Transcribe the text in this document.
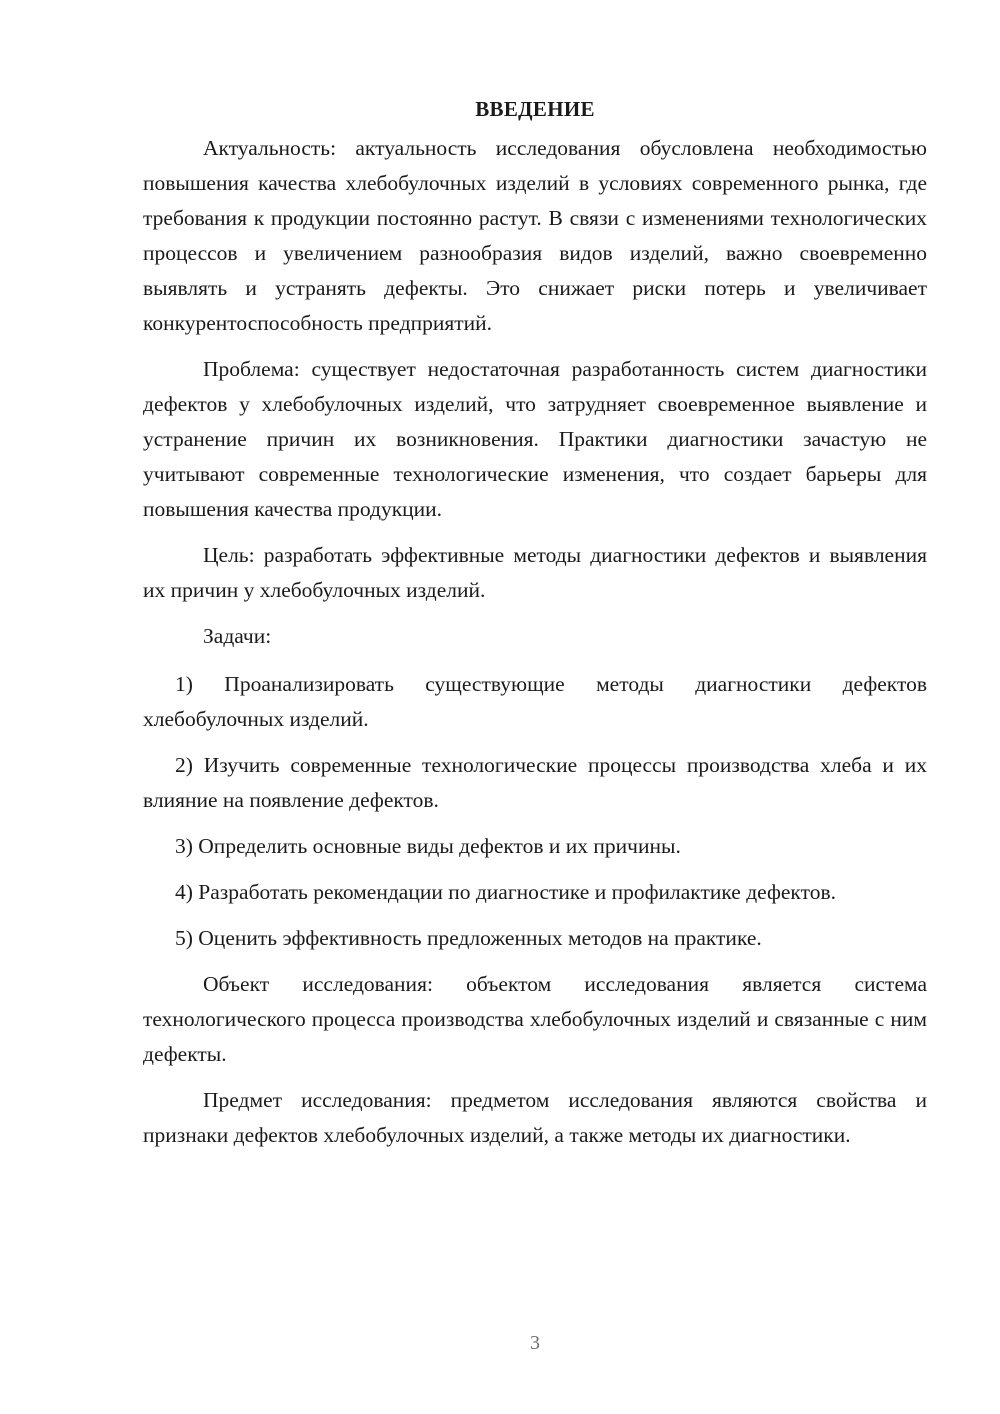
ВВЕДЕНИЕ

Актуальность: актуальность исследования обусловлена необходимостью повышения качества хлебобулочных изделий в условиях современного рынка, где требования к продукции постоянно растут. В связи с изменениями технологических процессов и увеличением разнообразия видов изделий, важно своевременно выявлять и устранять дефекты. Это снижает риски потерь и увеличивает конкурентоспособность предприятий.

Проблема: существует недостаточная разработанность систем диагностики дефектов у хлебобулочных изделий, что затрудняет своевременное выявление и устранение причин их возникновения. Практики диагностики зачастую не учитывают современные технологические изменения, что создает барьеры для повышения качества продукции.

Цель: разработать эффективные методы диагностики дефектов и выявления их причин у хлебобулочных изделий.

Задачи:

1) Проанализировать существующие методы диагностики дефектов хлебобулочных изделий.

2) Изучить современные технологические процессы производства хлеба и их влияние на появление дефектов.

3) Определить основные виды дефектов и их причины.

4) Разработать рекомендации по диагностике и профилактике дефектов.

5) Оценить эффективность предложенных методов на практике.

Объект исследования: объектом исследования является система технологического процесса производства хлебобулочных изделий и связанные с ним дефекты.

Предмет исследования: предметом исследования являются свойства и признаки дефектов хлебобулочных изделий, а также методы их диагностики.

3
